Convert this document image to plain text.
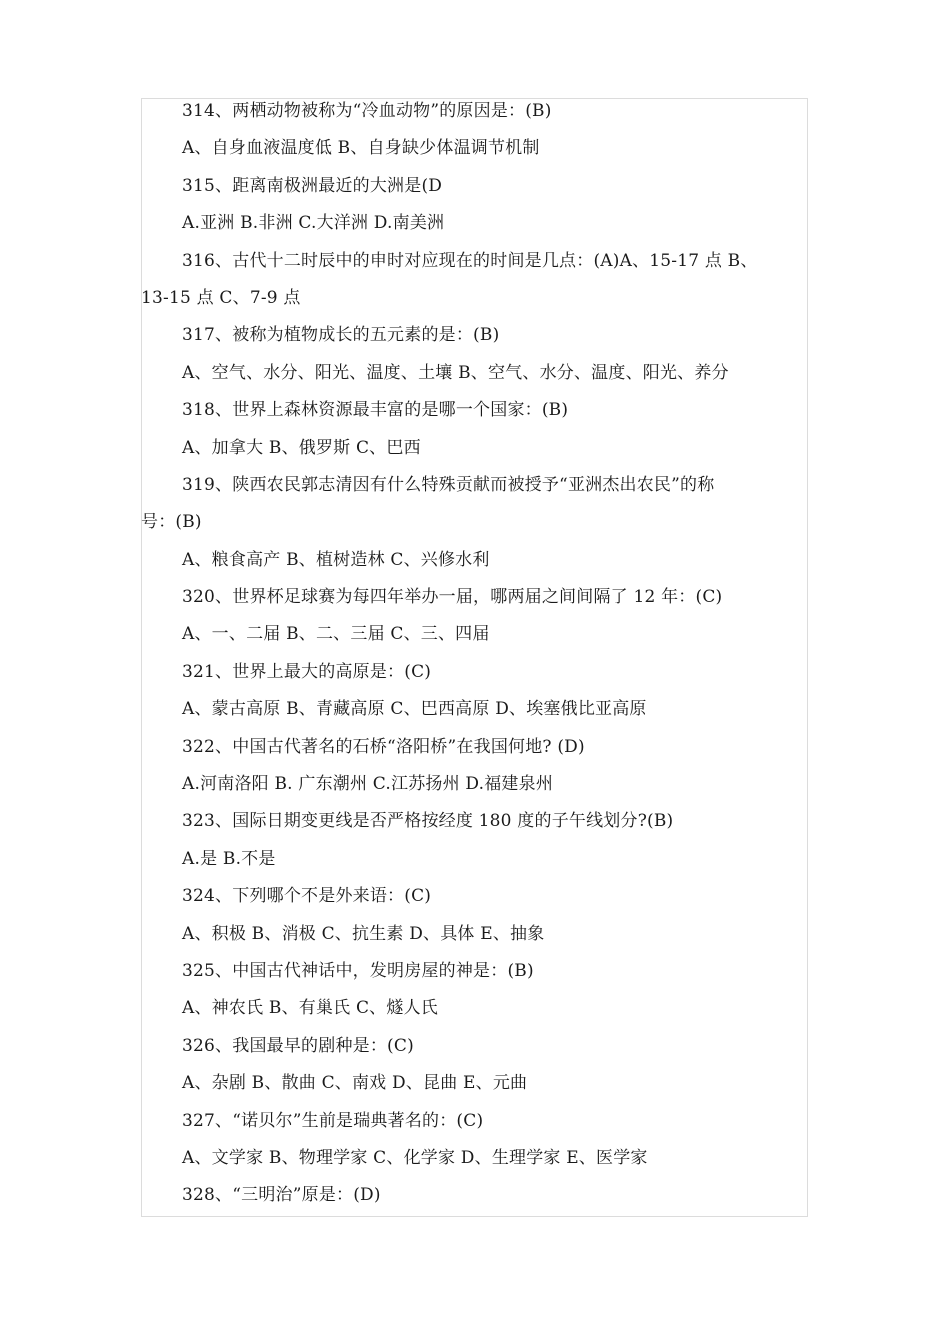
314、两栖动物被称为“冷血动物”的原因是：(B)
A、自身血液温度低 B、自身缺少体温调节机制
315、距离南极洲最近的大洲是(D
A.亚洲 B.非洲 C.大洋洲 D.南美洲
316、古代十二时辰中的申时对应现在的时间是几点：(A)A、15-17 点 B、
13-15 点 C、7-9 点
317、被称为植物成长的五元素的是：(B)
A、空气、水分、阳光、温度、土壤 B、空气、水分、温度、阳光、养分
318、世界上森林资源最丰富的是哪一个国家：(B)
A、加拿大 B、俄罗斯 C、巴西
319、陕西农民郭志清因有什么特殊贡献而被授予“亚洲杰出农民”的称
号：(B)
A、粮食高产 B、植树造林 C、兴修水利
320、世界杯足球赛为每四年举办一届，哪两届之间间隔了 12 年：(C)
A、一、二届 B、二、三届 C、三、四届
321、世界上最大的高原是：(C)
A、蒙古高原 B、青藏高原 C、巴西高原 D、埃塞俄比亚高原
322、中国古代著名的石桥“洛阳桥”在我国何地? (D)
A.河南洛阳 B. 广东潮州 C.江苏扬州 D.福建泉州
323、国际日期变更线是否严格按经度 180 度的子午线划分?(B)
A.是 B.不是
324、下列哪个不是外来语：(C)
A、积极 B、消极 C、抗生素 D、具体 E、抽象
325、中国古代神话中，发明房屋的神是：(B)
A、神农氏 B、有巢氏 C、燧人氏
326、我国最早的剧种是：(C)
A、杂剧 B、散曲 C、南戏 D、昆曲 E、元曲
327、“诺贝尔”生前是瑞典著名的：(C)
A、文学家 B、物理学家 C、化学家 D、生理学家 E、医学家
328、“三明治”原是：(D)
